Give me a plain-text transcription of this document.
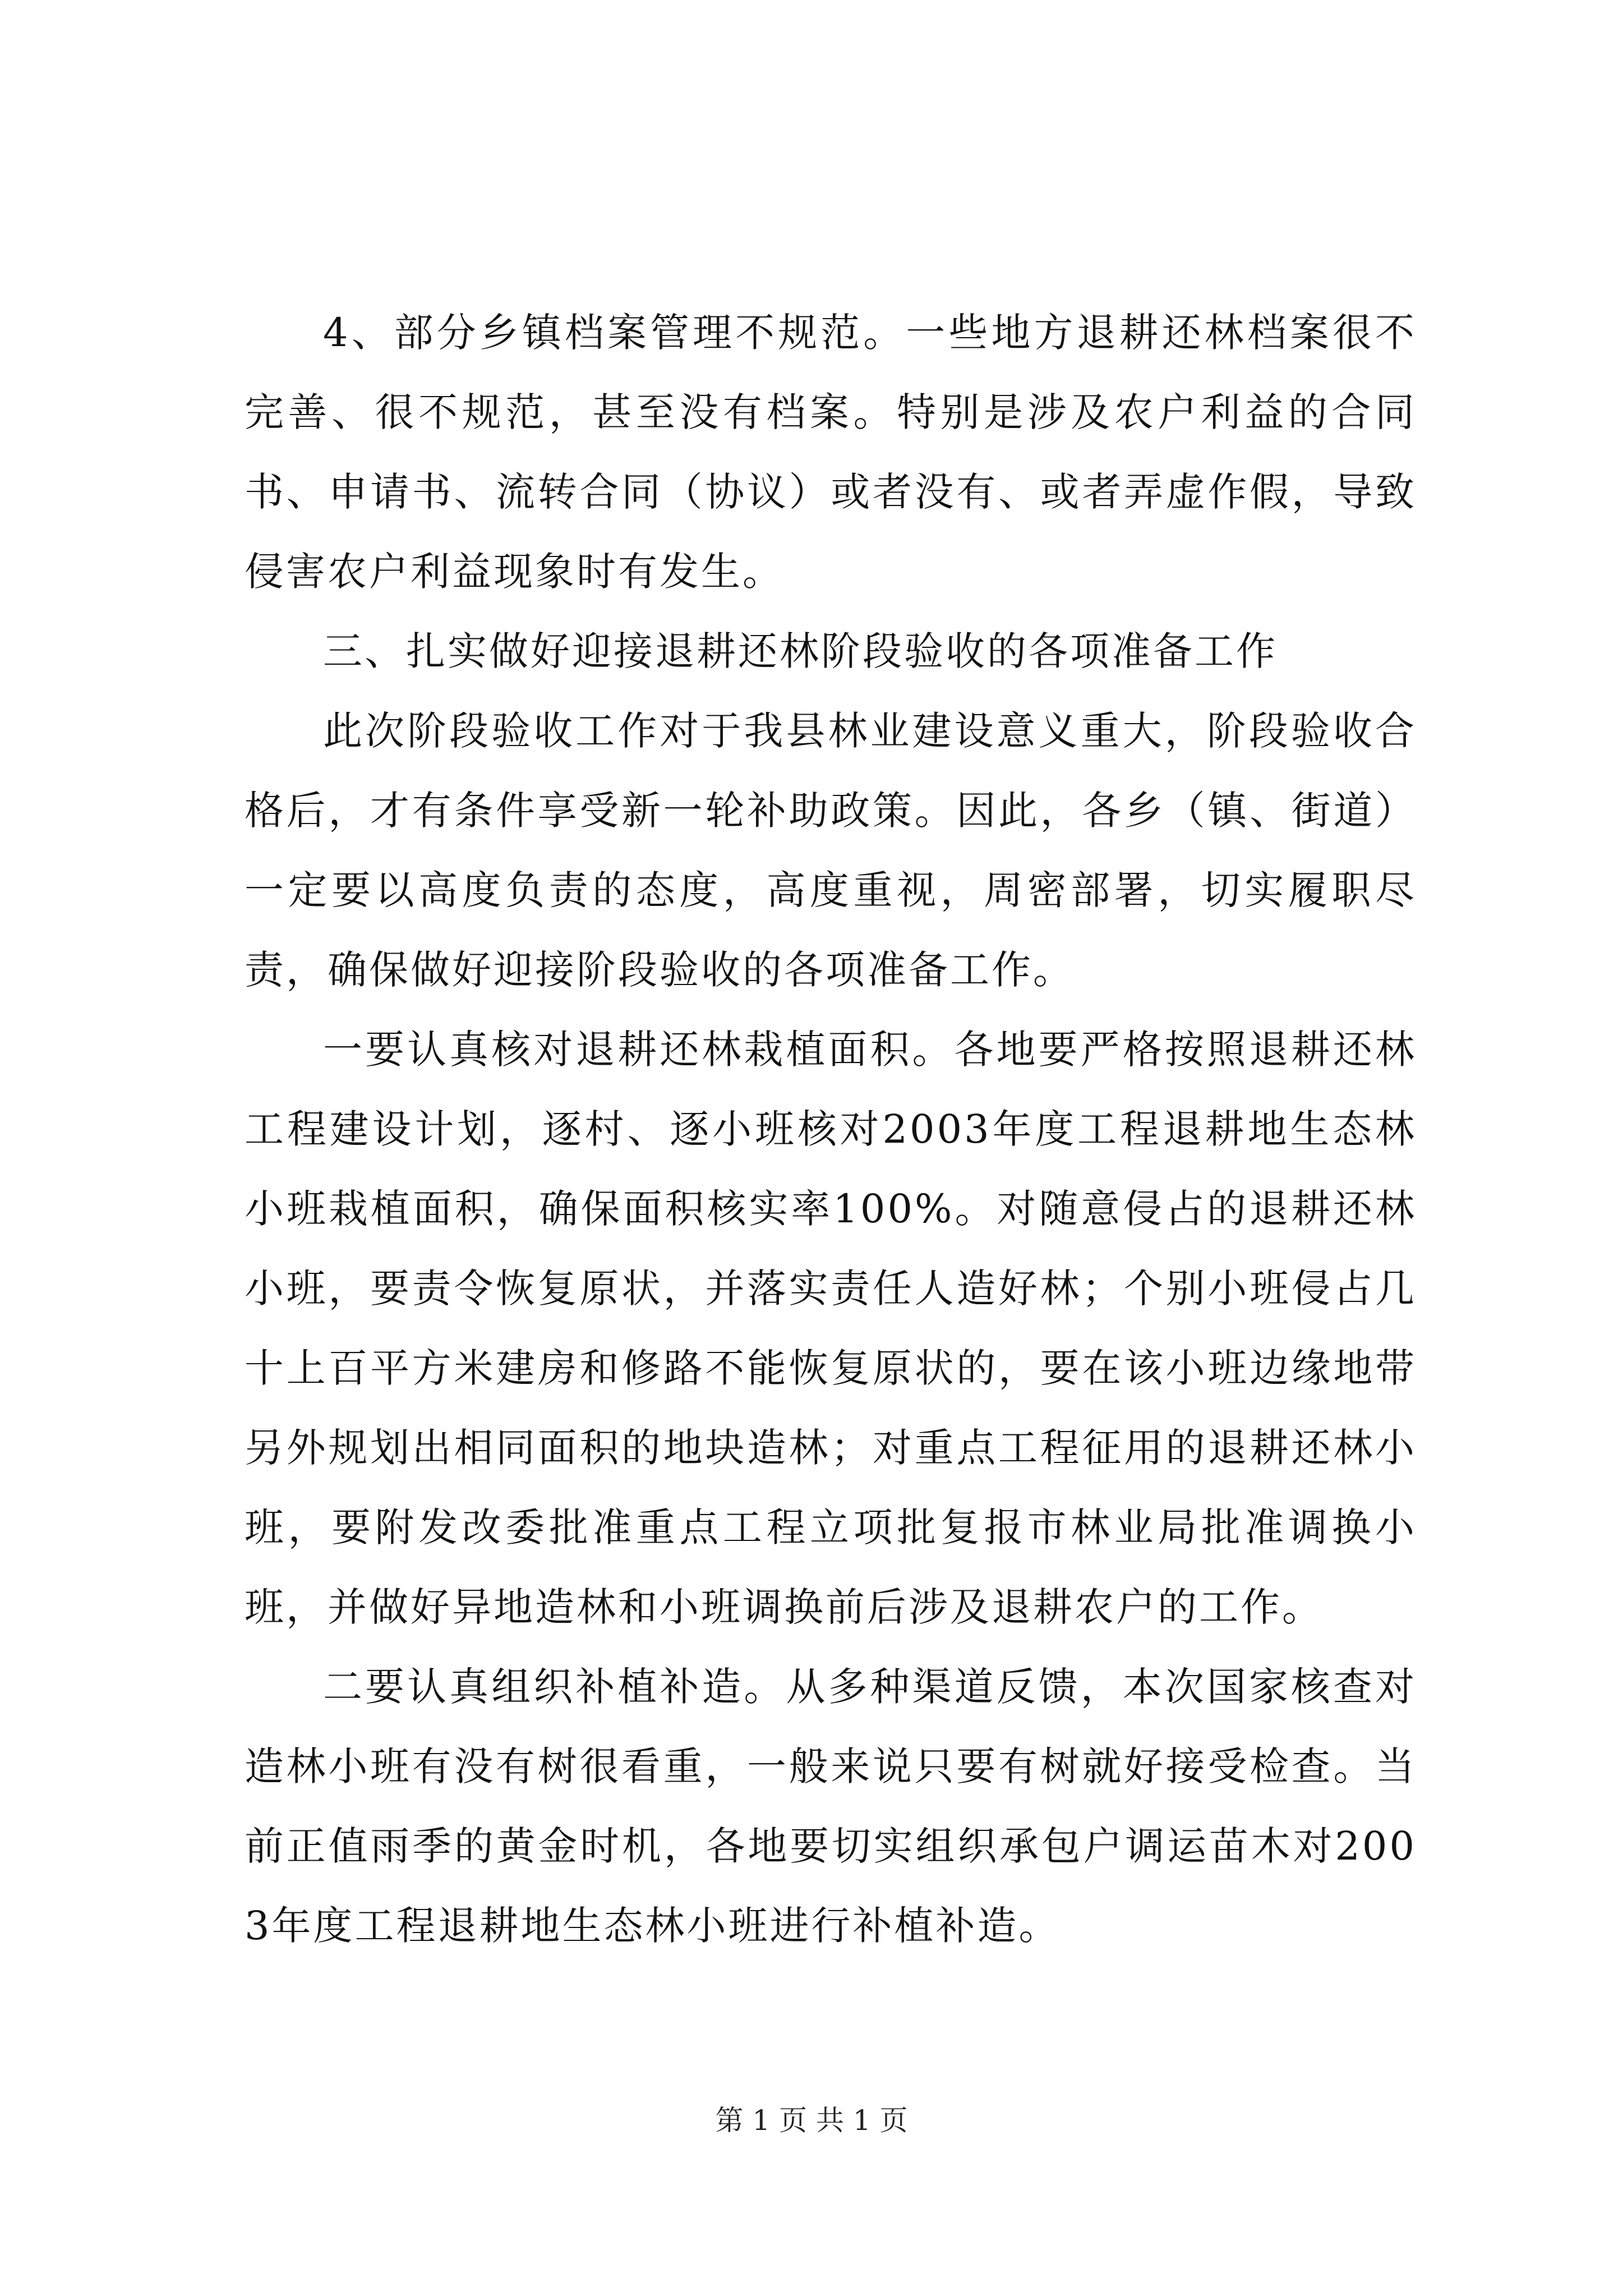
4、部分乡镇档案管理不规范。一些地方退耕还林档案很不完善、很不规范，甚至没有档案。特别是涉及农户利益的合同书、申请书、流转合同（协议）或者没有、或者弄虚作假，导致侵害农户利益现象时有发生。

三、扎实做好迎接退耕还林阶段验收的各项准备工作

此次阶段验收工作对于我县林业建设意义重大，阶段验收合格后，才有条件享受新一轮补助政策。因此，各乡（镇、街道）一定要以高度负责的态度，高度重视，周密部署，切实履职尽责，确保做好迎接阶段验收的各项准备工作。

一要认真核对退耕还林栽植面积。各地要严格按照退耕还林工程建设计划，逐村、逐小班核对2003年度工程退耕地生态林小班栽植面积，确保面积核实率100%。对随意侵占的退耕还林小班，要责令恢复原状，并落实责任人造好林；个别小班侵占几十上百平方米建房和修路不能恢复原状的，要在该小班边缘地带另外规划出相同面积的地块造林；对重点工程征用的退耕还林小班，要附发改委批准重点工程立项批复报市林业局批准调换小班，并做好异地造林和小班调换前后涉及退耕农户的工作。

二要认真组织补植补造。从多种渠道反馈，本次国家核查对造林小班有没有树很看重，一般来说只要有树就好接受检查。当前正值雨季的黄金时机，各地要切实组织承包户调运苗木对2003年度工程退耕地生态林小班进行补植补造。

第 1 页 共 1 页
